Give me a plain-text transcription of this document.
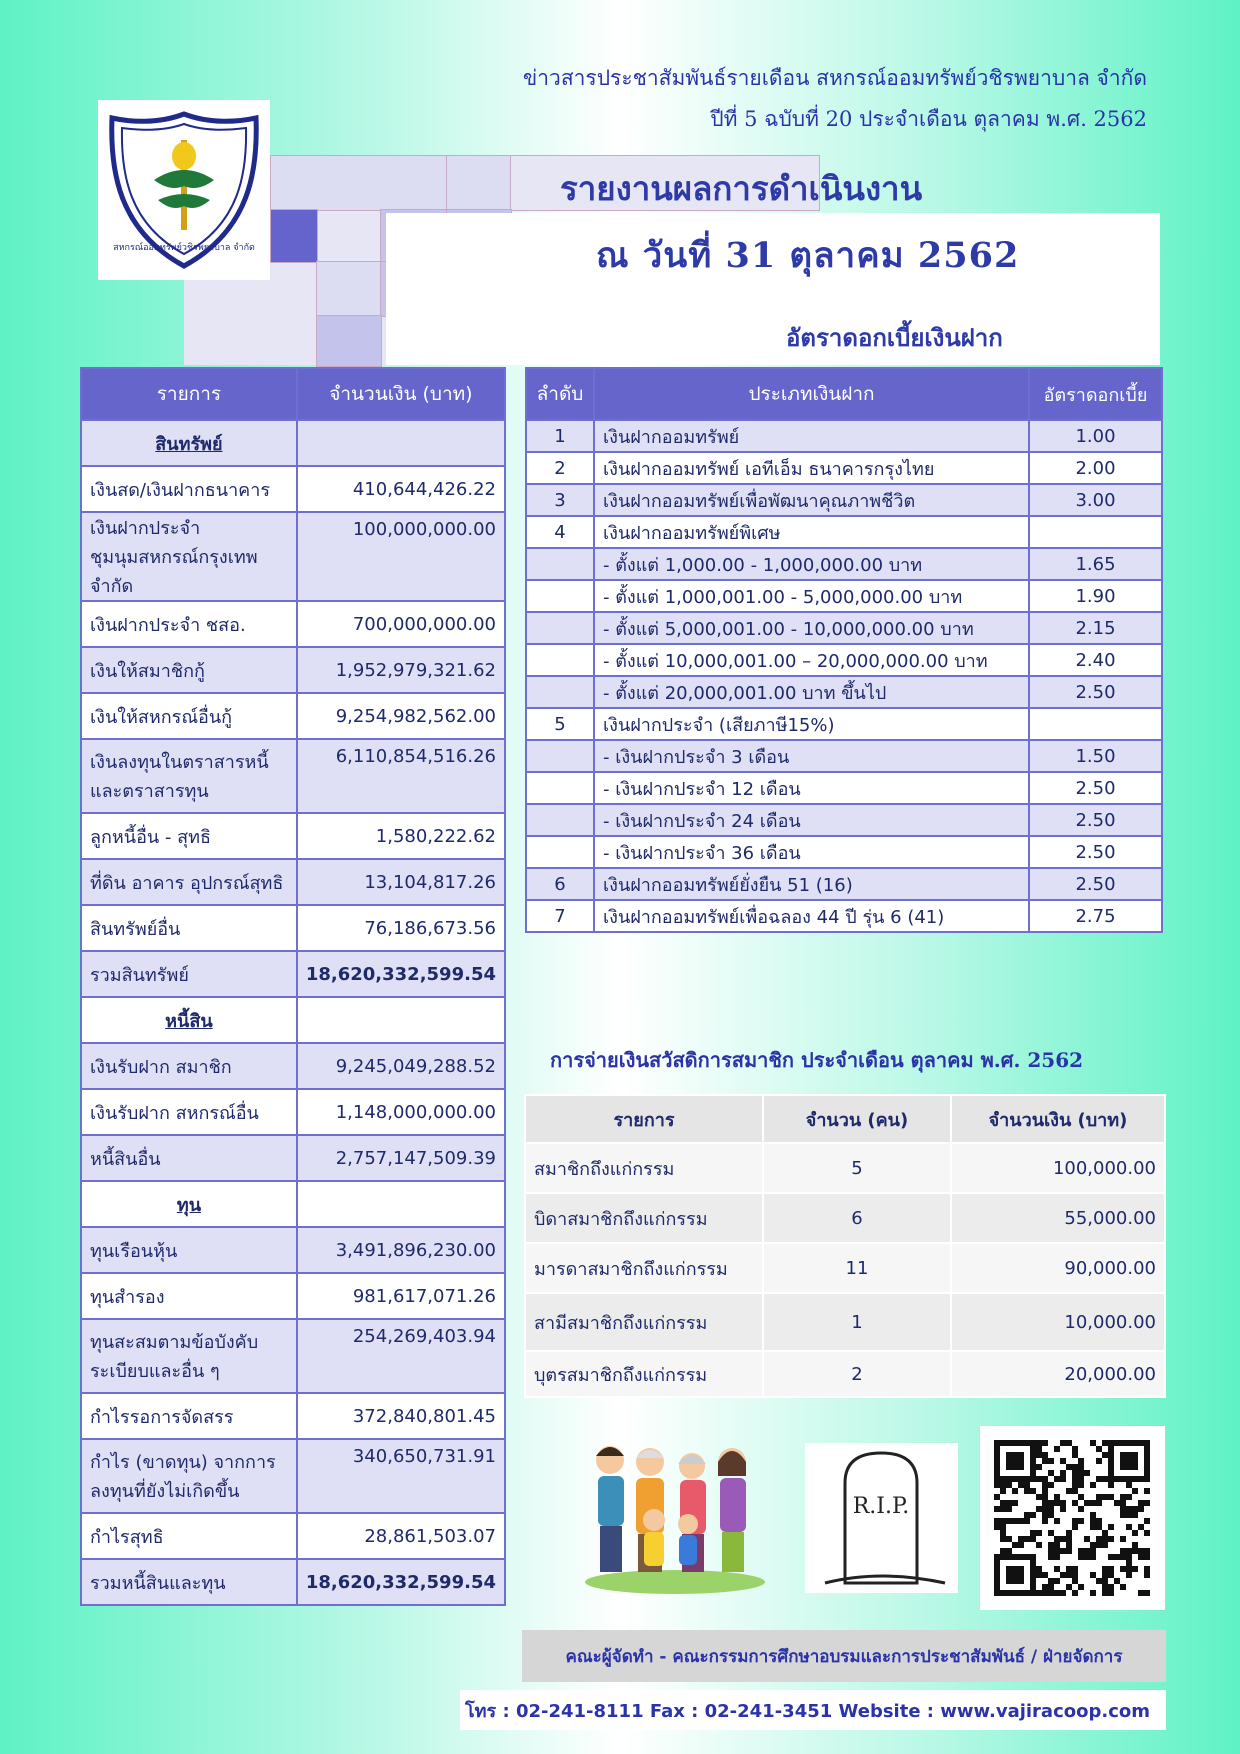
ข่าวสารประชาสัมพันธ์รายเดือน สหกรณ์ออมทรัพย์วชิรพยาบาล จำกัด
ปีที่ 5 ฉบับที่ 20 ประจำเดือน ตุลาคม พ.ศ. 2562
สหกรณ์ออมทรัพย์วชิรพยาบาล จำกัด
รายงานผลการดำเนินงาน
ณ วันที่ 31 ตุลาคม 2562
อัตราดอกเบี้ยเงินฝาก
รายการ	จำนวนเงิน (บาท)
สินทรัพย์	
เงินสด/เงินฝากธนาคาร	410,644,426.22
เงินฝากประจำ
ชุมนุมสหกรณ์กรุงเทพ จำกัด	100,000,000.00
เงินฝากประจำ ชสอ.	700,000,000.00
เงินให้สมาชิกกู้	1,952,979,321.62
เงินให้สหกรณ์อื่นกู้	9,254,982,562.00
เงินลงทุนในตราสารหนี้
และตราสารทุน	6,110,854,516.26
ลูกหนี้อื่น - สุทธิ	1,580,222.62
ที่ดิน อาคาร อุปกรณ์สุทธิ	13,104,817.26
สินทรัพย์อื่น	76,186,673.56
รวมสินทรัพย์	18,620,332,599.54
หนี้สิน	
เงินรับฝาก สมาชิก	9,245,049,288.52
เงินรับฝาก สหกรณ์อื่น	1,148,000,000.00
หนี้สินอื่น	2,757,147,509.39
ทุน	
ทุนเรือนหุ้น	3,491,896,230.00
ทุนสำรอง	981,617,071.26
ทุนสะสมตามข้อบังคับ
ระเบียบและอื่น ๆ	254,269,403.94
กำไรรอการจัดสรร	372,840,801.45
กำไร (ขาดทุน) จากการ
ลงทุนที่ยังไม่เกิดขึ้น	340,650,731.91
กำไรสุทธิ	28,861,503.07
รวมหนี้สินและทุน	18,620,332,599.54
ลำดับ	ประเภทเงินฝาก	อัตราดอกเบี้ย
1	เงินฝากออมทรัพย์	1.00
2	เงินฝากออมทรัพย์ เอทีเอ็ม ธนาคารกรุงไทย	2.00
3	เงินฝากออมทรัพย์เพื่อพัฒนาคุณภาพชีวิต	3.00
4	เงินฝากออมทรัพย์พิเศษ	
	- ตั้งแต่ 1,000.00 - 1,000,000.00 บาท	1.65
	- ตั้งแต่ 1,000,001.00 - 5,000,000.00 บาท	1.90
	- ตั้งแต่ 5,000,001.00 - 10,000,000.00 บาท	2.15
	- ตั้งแต่ 10,000,001.00 – 20,000,000.00 บาท	2.40
	- ตั้งแต่ 20,000,001.00 บาท ขึ้นไป	2.50
5	เงินฝากประจำ (เสียภาษี15%)	
	- เงินฝากประจำ 3 เดือน	1.50
	- เงินฝากประจำ 12 เดือน	2.50
	- เงินฝากประจำ 24 เดือน	2.50
	- เงินฝากประจำ 36 เดือน	2.50
6	เงินฝากออมทรัพย์ยั่งยืน 51 (16)	2.50
7	เงินฝากออมทรัพย์เพื่อฉลอง 44 ปี รุ่น 6 (41)	2.75
การจ่ายเงินสวัสดิการสมาชิก ประจำเดือน ตุลาคม พ.ศ. 2562
รายการ	จำนวน (คน)	จำนวนเงิน (บาท)
สมาชิกถึงแก่กรรม	5	100,000.00
บิดาสมาชิกถึงแก่กรรม	6	55,000.00
มารดาสมาชิกถึงแก่กรรม	11	90,000.00
สามีสมาชิกถึงแก่กรรม	1	10,000.00
บุตรสมาชิกถึงแก่กรรม	2	20,000.00
R.I.P.
คณะผู้จัดทำ - คณะกรรมการศึกษาอบรมและการประชาสัมพันธ์ / ฝ่ายจัดการ
โทร : 02-241-8111 Fax : 02-241-3451 Website : www.vajiracoop.com
